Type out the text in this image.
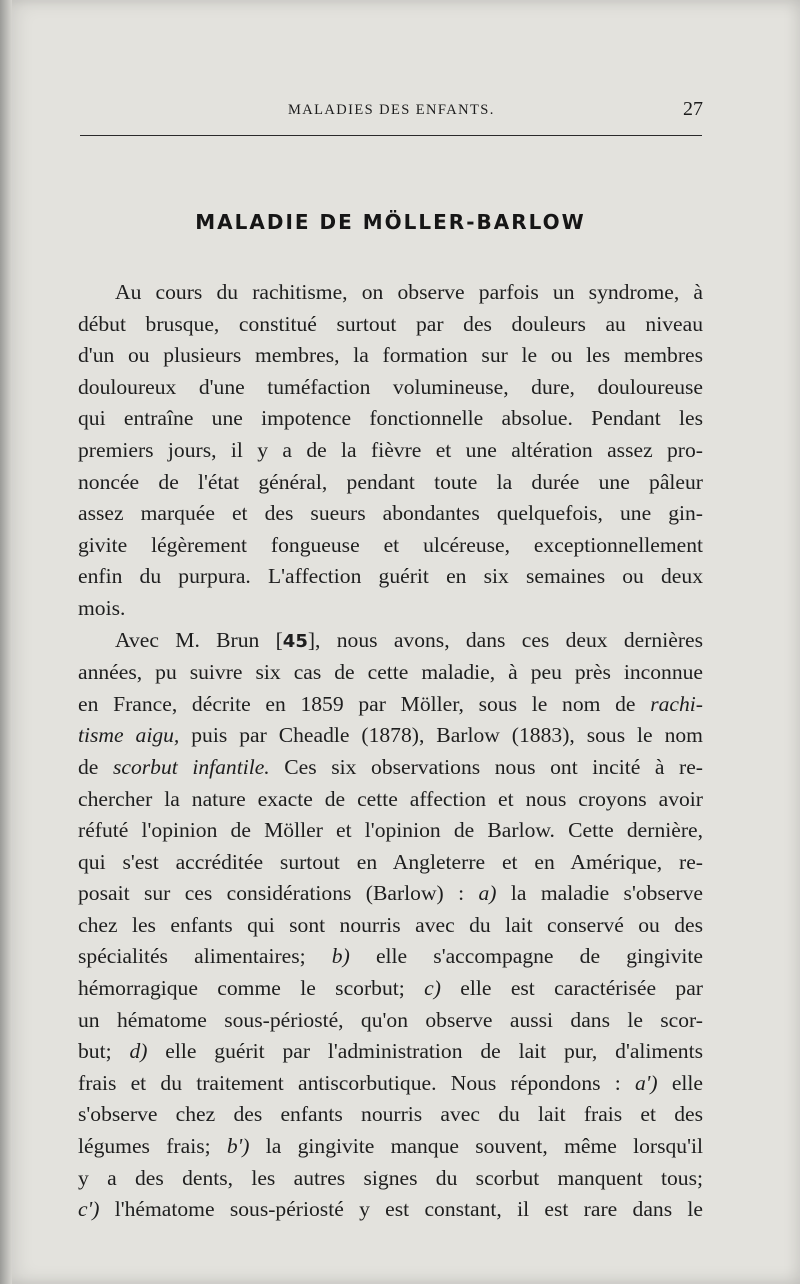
MALADIES DES ENFANTS.	27
MALADIE DE MÖLLER-BARLOW
Au cours du rachitisme, on observe parfois un syndrome, à
début brusque, constitué surtout par des douleurs au niveau
d'un ou plusieurs membres, la formation sur le ou les membres
douloureux d'une tuméfaction volumineuse, dure, douloureuse
qui entraîne une impotence fonctionnelle absolue. Pendant les
premiers jours, il y a de la fièvre et une altération assez pro-
noncée de l'état général, pendant toute la durée une pâleur
assez marquée et des sueurs abondantes quelquefois, une gin-
givite légèrement fongueuse et ulcéreuse, exceptionnellement
enfin du purpura. L'affection guérit en six semaines ou deux
mois.
Avec M. Brun [45], nous avons, dans ces deux dernières
années, pu suivre six cas de cette maladie, à peu près inconnue
en France, décrite en 1859 par Möller, sous le nom de rachi-
tisme aigu, puis par Cheadle (1878), Barlow (1883), sous le nom
de scorbut infantile. Ces six observations nous ont incité à re-
chercher la nature exacte de cette affection et nous croyons avoir
réfuté l'opinion de Möller et l'opinion de Barlow. Cette dernière,
qui s'est accréditée surtout en Angleterre et en Amérique, re-
posait sur ces considérations (Barlow) : a) la maladie s'observe
chez les enfants qui sont nourris avec du lait conservé ou des
spécialités alimentaires; b) elle s'accompagne de gingivite
hémorragique comme le scorbut; c) elle est caractérisée par
un hématome sous-périosté, qu'on observe aussi dans le scor-
but; d) elle guérit par l'administration de lait pur, d'aliments
frais et du traitement antiscorbutique. Nous répondons : a') elle
s'observe chez des enfants nourris avec du lait frais et des
légumes frais; b') la gingivite manque souvent, même lorsqu'il
y a des dents, les autres signes du scorbut manquent tous;
c') l'hématome sous-périosté y est constant, il est rare dans le
